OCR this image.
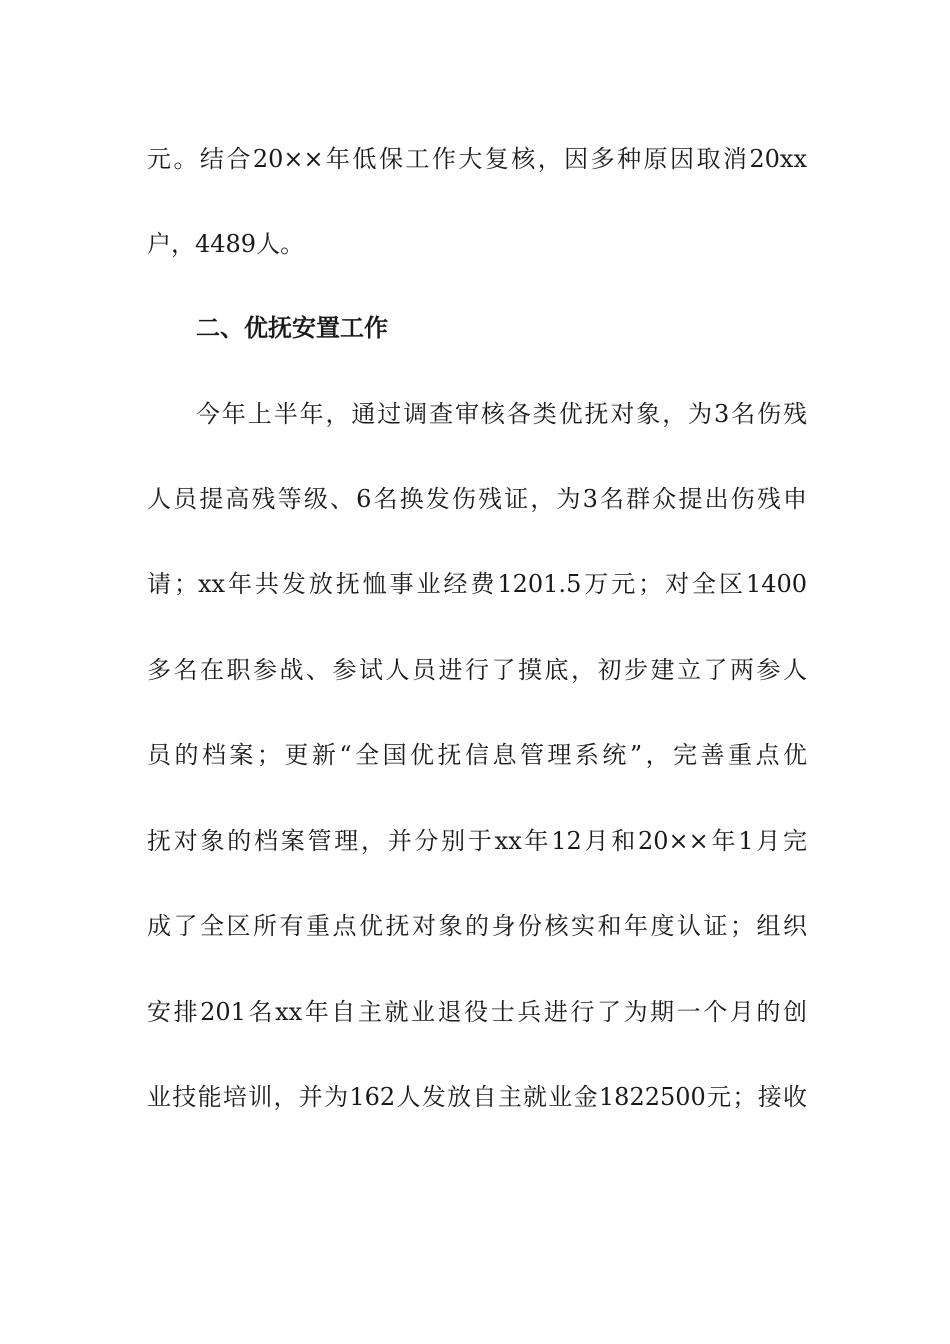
元。结合20××年低保工作大复核，因多种原因取消20xx
户，4489人。
二、优抚安置工作
今年上半年，通过调查审核各类优抚对象，为3名伤残
人员提高残等级、6名换发伤残证，为3名群众提出伤残申
请；xx年共发放抚恤事业经费1201.5万元；对全区1400
多名在职参战、参试人员进行了摸底，初步建立了两参人
员的档案；更新“全国优抚信息管理系统”，完善重点优
抚对象的档案管理，并分别于xx年12月和20××年1月完
成了全区所有重点优抚对象的身份核实和年度认证；组织
安排201名xx年自主就业退役士兵进行了为期一个月的创
业技能培训，并为162人发放自主就业金1822500元；接收
